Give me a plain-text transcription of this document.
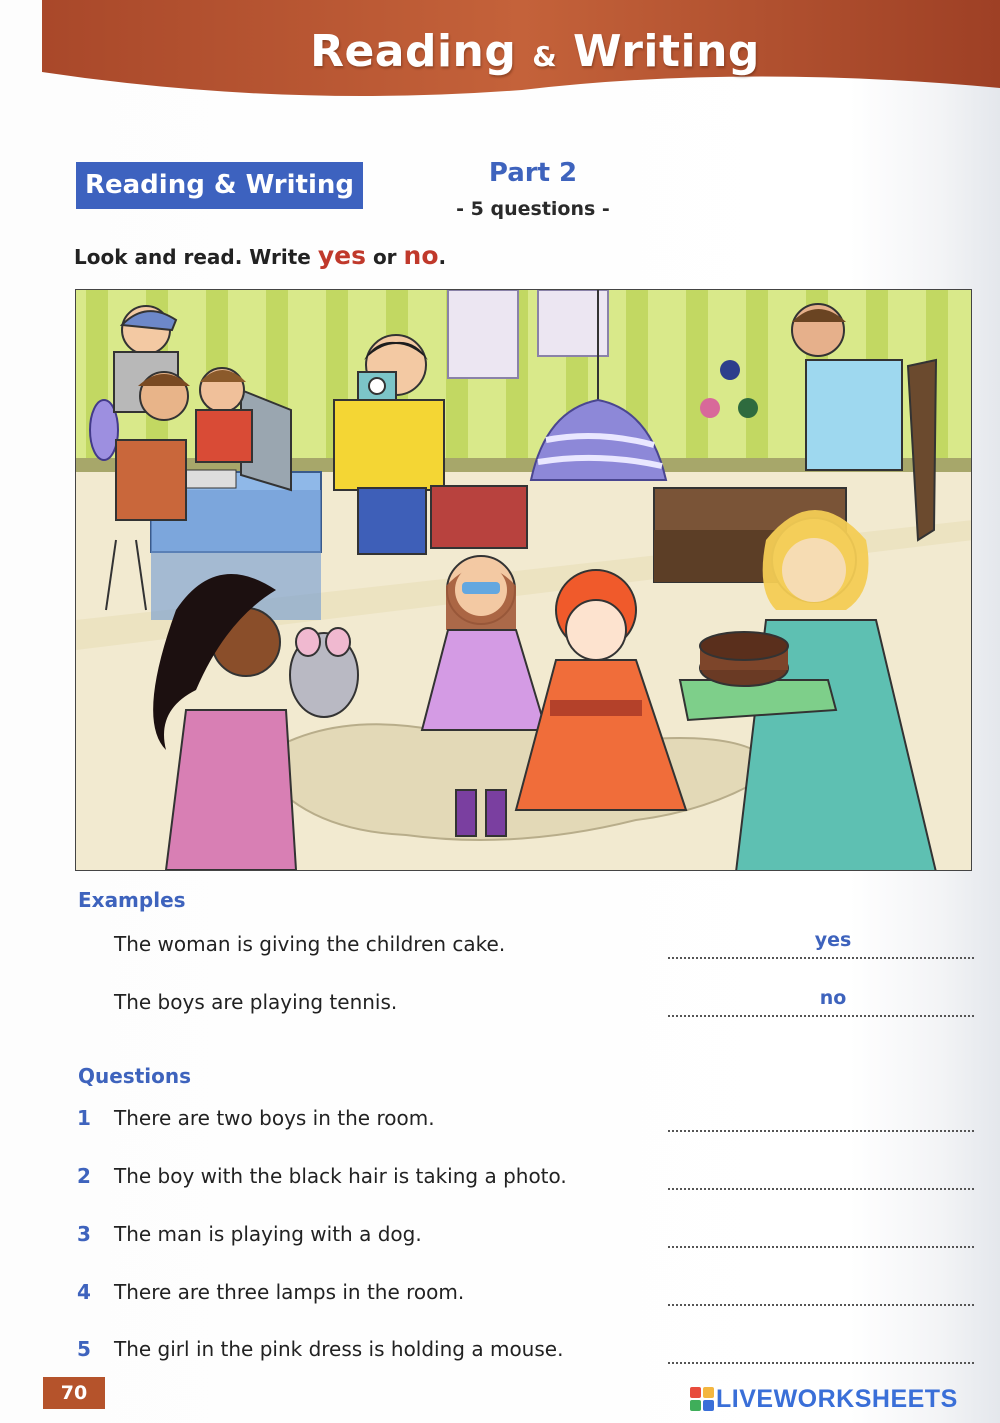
Reading & Writing
Reading & Writing	Part 2
- 5 questions -
Look and read. Write yes or no.
Examples
The woman is giving the children cake.	yes
The boys are playing tennis.	no
Questions
1 There are two boys in the room.
2 The boy with the black hair is taking a photo.
3 The man is playing with a dog.
4 There are three lamps in the room.
5 The girl in the pink dress is holding a mouse.
70	LIVEWORKSHEETS
